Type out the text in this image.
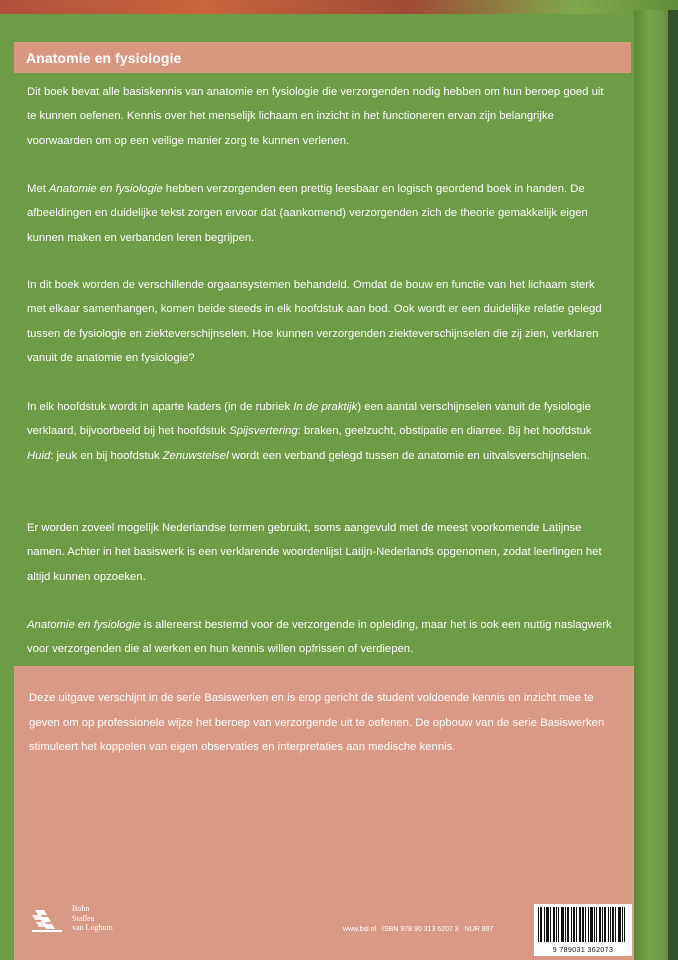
Anatomie en fysiologie

Dit boek bevat alle basiskennis van anatomie en fysiologie die verzorgenden nodig hebben om hun beroep goed uit te kunnen oefenen. Kennis over het menselijk lichaam en inzicht in het functioneren ervan zijn belangrijke voorwaarden om op een veilige manier zorg te kunnen verlenen.

Met Anatomie en fysiologie hebben verzorgenden een prettig leesbaar en logisch geordend boek in handen. De afbeeldingen en duidelijke tekst zorgen ervoor dat (aankomend) verzorgenden zich de theorie gemakkelijk eigen kunnen maken en verbanden leren begrijpen.

In dit boek worden de verschillende orgaansystemen behandeld. Omdat de bouw en functie van het lichaam sterk met elkaar samenhangen, komen beide steeds in elk hoofdstuk aan bod. Ook wordt er een duidelijke relatie gelegd tussen de fysiologie en ziekteverschijnselen. Hoe kunnen verzorgenden ziekteverschijnselen die zij zien, verklaren vanuit de anatomie en fysiologie?

In elk hoofdstuk wordt in aparte kaders (in de rubriek In de praktijk) een aantal verschijnselen vanuit de fysiologie verklaard, bijvoorbeeld bij het hoofdstuk Spijsvertering: braken, geelzucht, obstipatie en diarree. Bij het hoofdstuk Huid: jeuk en bij hoofdstuk Zenuwstelsel wordt een verband gelegd tussen de anatomie en uitvalsverschijnselen.

Er worden zoveel mogelijk Nederlandse termen gebruikt, soms aangevuld met de meest voorkomende Latijnse namen. Achter in het basiswerk is een verklarende woordenlijst Latijn-Nederlands opgenomen, zodat leerlingen het altijd kunnen opzoeken.

Anatomie en fysiologie is allereerst bestemd voor de verzorgende in opleiding, maar het is ook een nuttig naslagwerk voor verzorgenden die al werken en hun kennis willen opfrissen of verdiepen.

Deze uitgave verschijnt in de serie Basiswerken en is erop gericht de student voldoende kennis en inzicht mee te geven om op professionele wijze het beroep van verzorgende uit te oefenen. De opbouw van de serie Basiswerken stimuleert het koppelen van eigen observaties en interpretaties aan medische kennis.

Bohn
Stafleu
van Loghum	www.bsl.nl ISBN 978 90 313 6207 3 NUR 897
9 789031 362073
